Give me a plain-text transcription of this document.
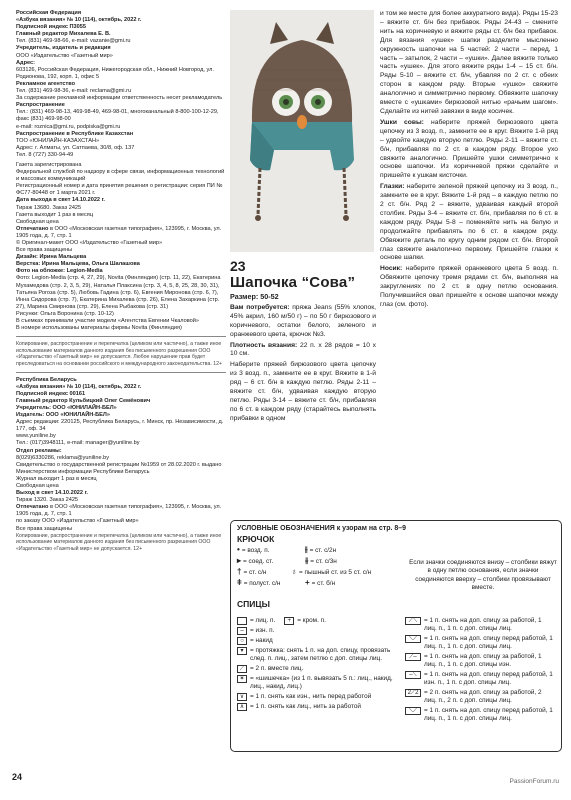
Российская Федерация

«Азбука вязания» № 10 (114), октябрь, 2022 г.

Подписной индекс П3055

Главный редактор Михалева Е. В.

Тел. (831) 469-98-66, e-mail: vazanie@gmi.ru

Учредитель, издатель и редакция

ООО «Издательство «Газетный мир»

Адрес:

603126, Российская Федерация, Нижегородская обл., Нижний Новгород, ул. Родионова, 192, корп. 1, офис 5

Рекламное агентство

Тел. (831) 469-98-36, e-mail: reclama@gmi.ru

За содержание рекламной информации ответственность несет рекламодатель

Распространение

Тел.: (831) 469-98-13, 469-98-49, 469-98-01, многоканальный 8-800-100-12-29, факс (831) 469-98-00

e-mail: roznica@gmi.ru, podpiska@gmi.ru

Распространение в Республике Казахстан

ТОО «ЮНИЛАЙН-КАЗАХСТАН»

Адрес: г. Алматы, ул. Сатпаева, 30/8, оф. 137

Тел. 8 (727) 330-94-49

Газета зарегистрирована

Федеральной службой по надзору в сфере связи, информационных технологий и массовых коммуникаций

Регистрационный номер и дата принятия решения о регистрации: серия ПИ № ФС77-80448 от 1 марта 2021 г.

Дата выхода в свет 14.10.2022 г.

Тираж 13680. Заказ 2425

Газета выходит 1 раз в месяц

Свободная цена

Отпечатано в ООО «Московская газетная типография», 123995, г. Москва, ул. 1905 года, д. 7, стр. 1

© Оригинал-макет ООО «Издательство «Газетный мир»

Все права защищены

Дизайн: Ирина Мальцева

Верстка: Ирина Мальцева, Ольга Шалашова

Фото на обложке: Legion-Media

Фото: Legion-Media (стр. 4, 27, 29), Novita (Финляндия) (стр. 11, 22), Екатерина Мухамедова (стр. 2, 3, 5, 29), Наталья Плаксина (стр. 3, 4, 5, 8, 25, 28, 30, 31), Татьяна Рогоза (стр. 5), Любовь Гадина (стр. 6), Евгения Миронова (стр. 6, 7), Инна Сидорова (стр. 7), Екатерина Михалева (стр. 26), Елена Захаркина (стр. 27), Марина Смирнова (стр. 29), Елена Рыбакова (стр. 31)

Рисунки: Ольга Воронина (стр. 10-12)

В съемках принимали участие модели «Агентства Евгении Чкаловой»

В номере использованы материалы фирмы Novita (Финляндия)

Копирование, распространение и перепечатка (целиком или частично), а также иное использование материалов данного издания без письменного разрешения ООО «Издательство «Газетный мир» не допускается. Любое нарушение прав будет преследоваться на основании российского и международного законодательства. 12+

Республика Беларусь

«Азбука вязания» № 10 (114), октябрь, 2022 г.

Подписной индекс 00161

Главный редактор Кульбицкий Олег Семёнович

Учредитель: ООО «ЮНИЛАЙН-БЕЛ»

Издатель: ООО «ЮНИЛАЙН-БЕЛ»

Адрес редакции: 220125, Республика Беларусь, г. Минск, пр. Независимости, д. 177, оф. 34

www.yuniline.by

Тел.: (017)3948111, e-mail: manager@yuniline.by

Отдел рекламы:

8(029)6330286, reklama@yuniline.by

Свидетельство о государственной регистрации №1959 от 28.02.2020 г. выдано Министерством информации Республики Беларусь

Журнал выходит 1 раз в месяц

Свободная цена

Выход в свет 14.10.2022 г.

Тираж 1320. Заказ 2425

Отпечатано в ООО «Московская газетная типография», 123995, г. Москва, ул. 1905 года, д. 7, стр. 1

по заказу ООО «Издательство «Газетный мир»

Все права защищены

Копирование, распространение и перепечатка (целиком или частично), а также иное использование материалов данного издания без письменного разрешения ООО «Издательство «Газетный мир» не допускается. 12+

23
Шапочка “Сова”
Размер: 50-52

Вам потребуется: пряжа Jeans (55% хлопок, 45% акрил, 160 м/50 г) – по 50 г бирюзового и коричневого, остатки белого, зеленого и оранжевого цвета, крючок №3.

Плотность вязания: 22 п. х 28 рядов = 10 х 10 см.

Наберите пряжей бирюзового цвета цепочку из 3 возд. п., замкните ее в круг. Вяжите в 1-й ряд – 6 ст. б/н в каждую петлю. Ряды 2-11 – вяжите ст. б/н, удваивая каждую вторую петлю. Ряды 3-14 – вяжите ст. б/н, прибавляя по 6 ст. в каждом ряду (старайтесь выполнять прибавки в одном

и том же месте для более аккуратного вида). Ряды 15-23 – вяжите ст. б/н без прибавок. Ряды 24-43 – смените нить на коричневую и вяжите ряды ст. б/н без прибавок. Для вязания «ушек» шапки разделите мысленно окружность шапочки на 5 частей: 2 части – перед, 1 часть – затылок, 2 части – «ушки». Далее вяжите только часть «ушек». Для этого вяжите ряды 1-4 – 15 ст. б/н. Ряды 5-10 – вяжите ст. б/н, убавляя по 2 ст. с обеих сторон в каждом ряду. Вторые «ушко» свяжите аналогично и симметрично первому. Обвяжите шапочку вместе с «ушками» бирюзовой нитью «рачьим шагом». Сделайте из нитей завязки в виде косичек.

Ушки совы: наберите пряжей бирюзового цвета цепочку из 3 возд. п., замкните ее в круг. Вяжите 1-й ряд – удвойте каждую вторую петлю. Ряды 2-11 – вяжите ст. б/н, прибавляя по 2 ст. в каждом ряду. Второе ухо свяжите аналогично. Пришейте ушки симметрично к основе шапочки. Из коричневой пряжи сделайте и пришейте к ушкам кисточки.

Глазки: наберите зеленой пряжей цепочку из 3 возд. п., замкните ее в круг. Вяжите 1-й ряд – в каждую петлю по 2 ст. б/н. Ряд 2 – вяжите, удваивая каждый второй столбик. Ряды 3-4 – вяжите ст. б/н, прибавляя по 6 ст. в каждом ряду. Ряды 5-8 – поменяйте нить на белую и продолжайте прибавлять по 6 ст. в каждом ряду. Обвяжите деталь по кругу одним рядом ст. б/н. Второй глаз свяжите аналогично первому. Пришейте глазки к основе шапки.

Носик: наберите пряжей оранжевого цвета 5 возд. п. Обвяжите цепочку тремя рядами ст. б/н, выполняя на закруглениях по 2 ст. в одну петлю основания. Получившийся овал пришейте к основе шапочки между глаз (см. фото).

УСЛОВНЫЕ ОБОЗНАЧЕНИЯ к узорам на стр. 8–9
КРЮЧОК
• = возд. п.	⫲ = ст. с/2н
▸ = соед. ст.	⫳ = ст. с/3н
† = ст. с/н	♁ = пышный ст. из 5 ст. с/н
ǂ = полуст. с/н	+ = ст. б/н
Если значки соединяются внизу – столбики вяжут в одну петлю основания, если значки соединяются вверху – столбики провязывают вместе.
СПИЦЫ
= лиц. п.	+ = кром. п.
– = изн. п.
○ = накид
▾	= протяжка: снять 1 п. на доп. спицу, провязать след. п. лиц., затем петлю с доп. спицы лиц.
⟋ = 2 п. вместе лиц.
✶ = «шишечка» (из 1 п. вывязать 5 п.: лиц., накид, лиц., накид, лиц.)
∨ = 1 п. снять как изн., нить перед работой
∧ = 1 п. снять как лиц., нить за работой
⟋⟍	= 1 п. снять на доп. спицу за работой, 1 лиц. п., 1 п. с доп. спицы лиц.
⟍⟋	= 1 п. снять на доп. спицу перед работой, 1 лиц. п., 1 п. с доп. спицы лиц.
⟋–	= 1 п. снять на доп. спицу за работой, 1 лиц. п., 1 п. с доп. спицы изн.
–⟍	= 1 п. снять на доп. спицу перед работой, 1 изн. п., 1 п. с доп. спицы лиц.
2⟋2 = 2 п. снять на доп. спицу за работой, 2 лиц. п., 2 п. с доп. спицы лиц.
⟍⟋	= 1 п. снять на доп. спицу перед работой, 1 лиц. п., 1 п. с доп. спицы лиц.
24	PassionForum.ru
